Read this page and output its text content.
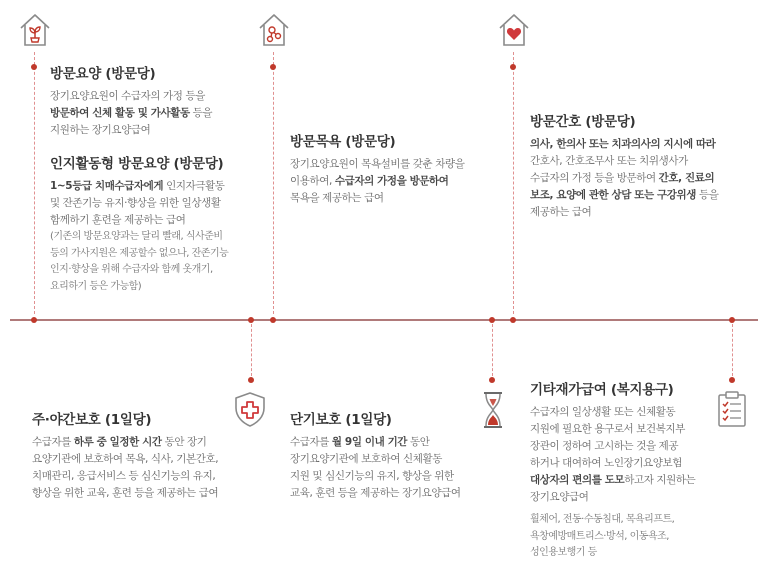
방문요양 (방문당)
장기요양요원이 수급자의 가정 등을
방문하여 신체 활동 및 가사활동 등을
지원하는 장기요양급여
인지활동형 방문요양 (방문당)
1~5등급 치매수급자에게 인지자극활동
및 잔존기능 유지·향상을 위한 일상생활
함께하기 훈련을 제공하는 급여
(기존의 방문요양과는 달리 빨래, 식사준비
등의 가사지원은 제공할수 없으나, 잔존기능
인지·향상을 위해 수급자와 함께 옷개기,
요리하기 등은 가능함)
방문목욕 (방문당)
장기요양요원이 목욕설비를 갖춘 차량을
이용하여, 수급자의 가정을 방문하여
목욕을 제공하는 급여
방문간호 (방문당)
의사, 한의사 또는 치과의사의 지시에 따라
간호사, 간호조무사 또는 치위생사가
수급자의 가정 등을 방문하여 간호, 진료의
보조, 요양에 관한 상담 또는 구강위생 등을
제공하는 급여
주·야간보호 (1일당)
수급자를 하루 중 일정한 시간 동안 장기
요양기관에 보호하여 목욕, 식사, 기본간호,
치매관리, 응급서비스 등 심신기능의 유지,
향상을 위한 교육, 훈련 등을 제공하는 급여
단기보호 (1일당)
수급자를 월 9일 이내 기간 동안
장기요양기관에 보호하여 신체활동
지원 및 심신기능의 유지, 향상을 위한
교육, 훈련 등을 제공하는 장기요양급여
기타재가급여 (복지용구)
수급자의 일상생활 또는 신체활동
지원에 필요한 용구로서 보건복지부
장관이 정하여 고시하는 것을 제공
하거나 대여하여 노인장기요양보험
대상자의 편의를 도모하고자 지원하는
장기요양급여
휠체어, 전동·수동침대, 목욕리프트,
욕창예방매트리스·방석, 이동욕조,
성인용보행기 등
